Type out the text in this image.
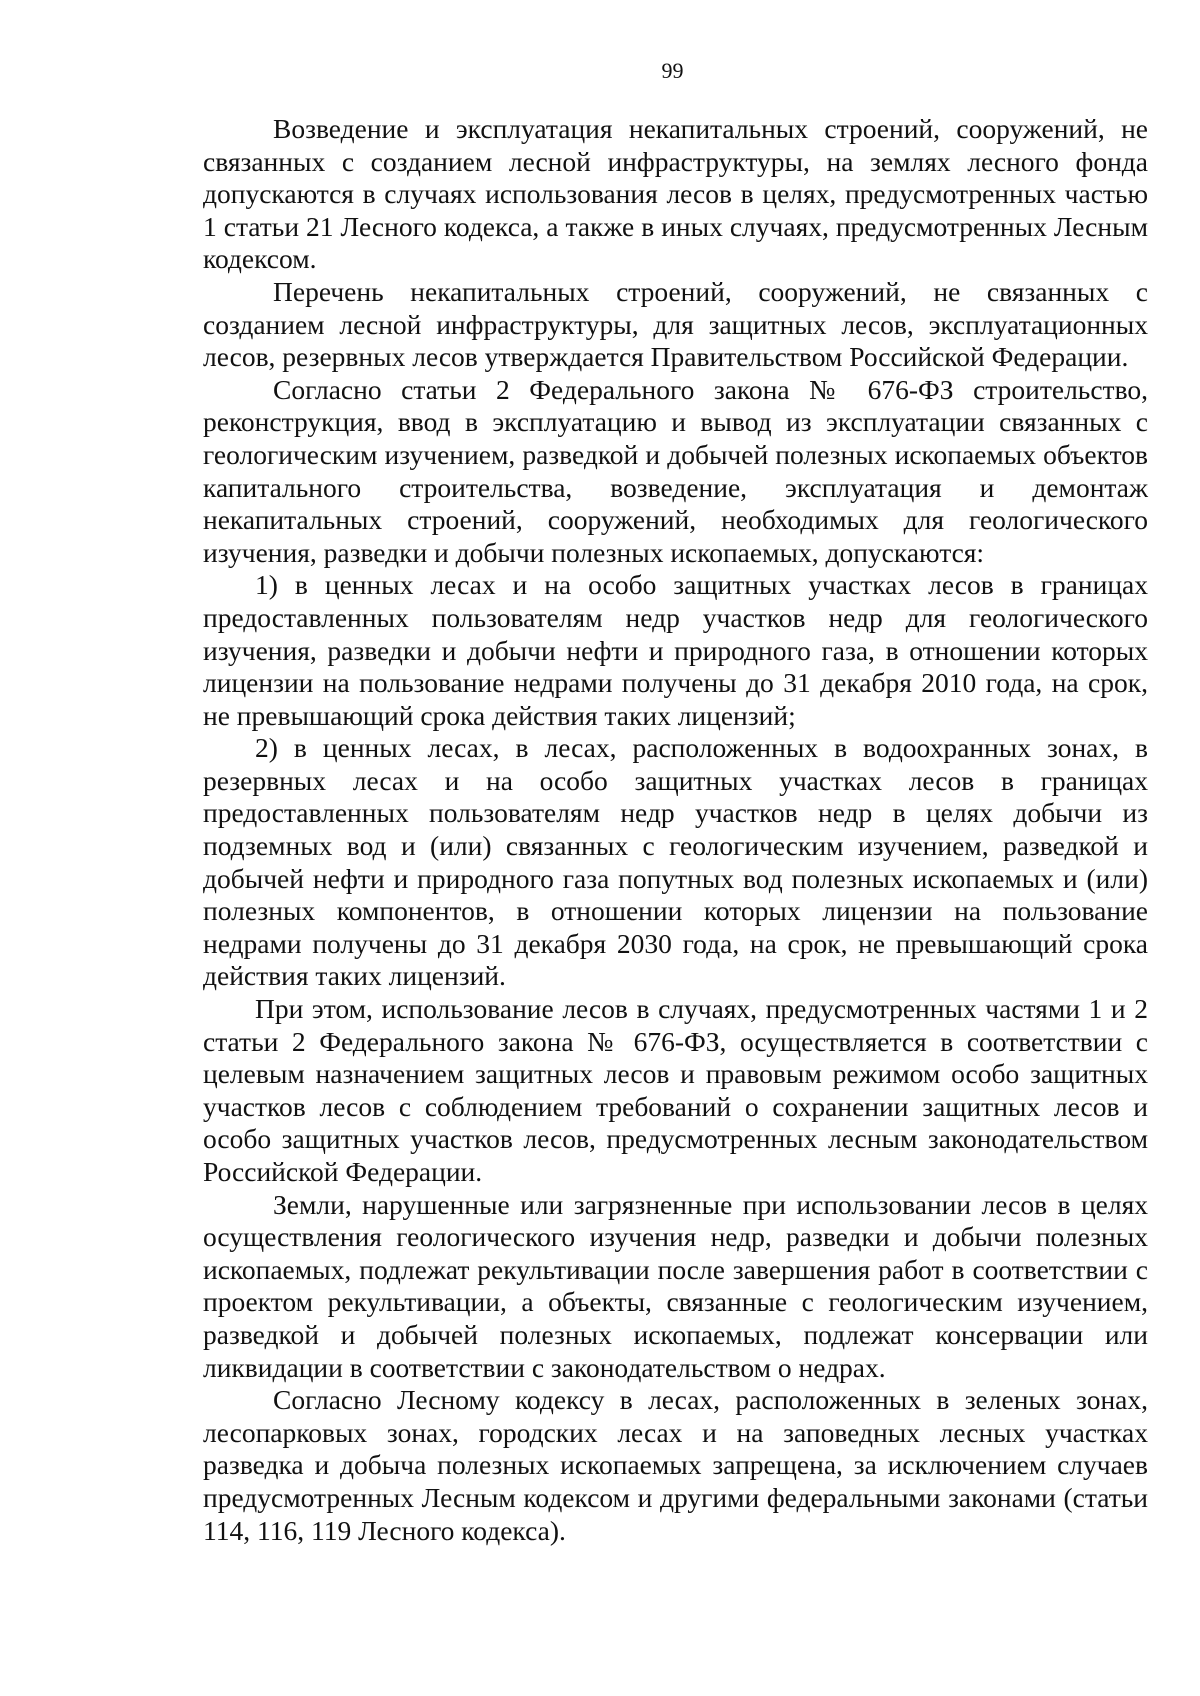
99

Возведение и эксплуатация некапитальных строений, сооружений, не связанных с созданием лесной инфраструктуры, на землях лесного фонда допускаются в случаях использования лесов в целях, предусмотренных частью 1 статьи 21 Лесного кодекса, а также в иных случаях, предусмотренных Лесным кодексом.

Перечень некапитальных строений, сооружений, не связанных с созданием лесной инфраструктуры, для защитных лесов, эксплуатационных лесов, резервных лесов утверждается Правительством Российской Федерации.

Согласно статьи 2 Федерального закона № 676-ФЗ строительство, реконструкция, ввод в эксплуатацию и вывод из эксплуатации связанных с геологическим изучением, разведкой и добычей полезных ископаемых объектов капитального строительства, возведение, эксплуатация и демонтаж некапитальных строений, сооружений, необходимых для геологического изучения, разведки и добычи полезных ископаемых, допускаются:

1) в ценных лесах и на особо защитных участках лесов в границах предоставленных пользователям недр участков недр для геологического изучения, разведки и добычи нефти и природного газа, в отношении которых лицензии на пользование недрами получены до 31 декабря 2010 года, на срок, не превышающий срока действия таких лицензий;

2) в ценных лесах, в лесах, расположенных в водоохранных зонах, в резервных лесах и на особо защитных участках лесов в границах предоставленных пользователям недр участков недр в целях добычи из подземных вод и (или) связанных с геологическим изучением, разведкой и добычей нефти и природного газа попутных вод полезных ископаемых и (или) полезных компонентов, в отношении которых лицензии на пользование недрами получены до 31 декабря 2030 года, на срок, не превышающий срока действия таких лицензий.

При этом, использование лесов в случаях, предусмотренных частями 1 и 2 статьи 2 Федерального закона № 676-ФЗ, осуществляется в соответствии с целевым назначением защитных лесов и правовым режимом особо защитных участков лесов с соблюдением требований о сохранении защитных лесов и особо защитных участков лесов, предусмотренных лесным законодательством Российской Федерации.

Земли, нарушенные или загрязненные при использовании лесов в целях осуществления геологического изучения недр, разведки и добычи полезных ископаемых, подлежат рекультивации после завершения работ в соответствии с проектом рекультивации, а объекты, связанные с геологическим изучением, разведкой и добычей полезных ископаемых, подлежат консервации или ликвидации в соответствии с законодательством о недрах.

Согласно Лесному кодексу в лесах, расположенных в зеленых зонах, лесопарковых зонах, городских лесах и на заповедных лесных участках разведка и добыча полезных ископаемых запрещена, за исключением случаев предусмотренных Лесным кодексом и другими федеральными законами (статьи 114, 116, 119 Лесного кодекса).
